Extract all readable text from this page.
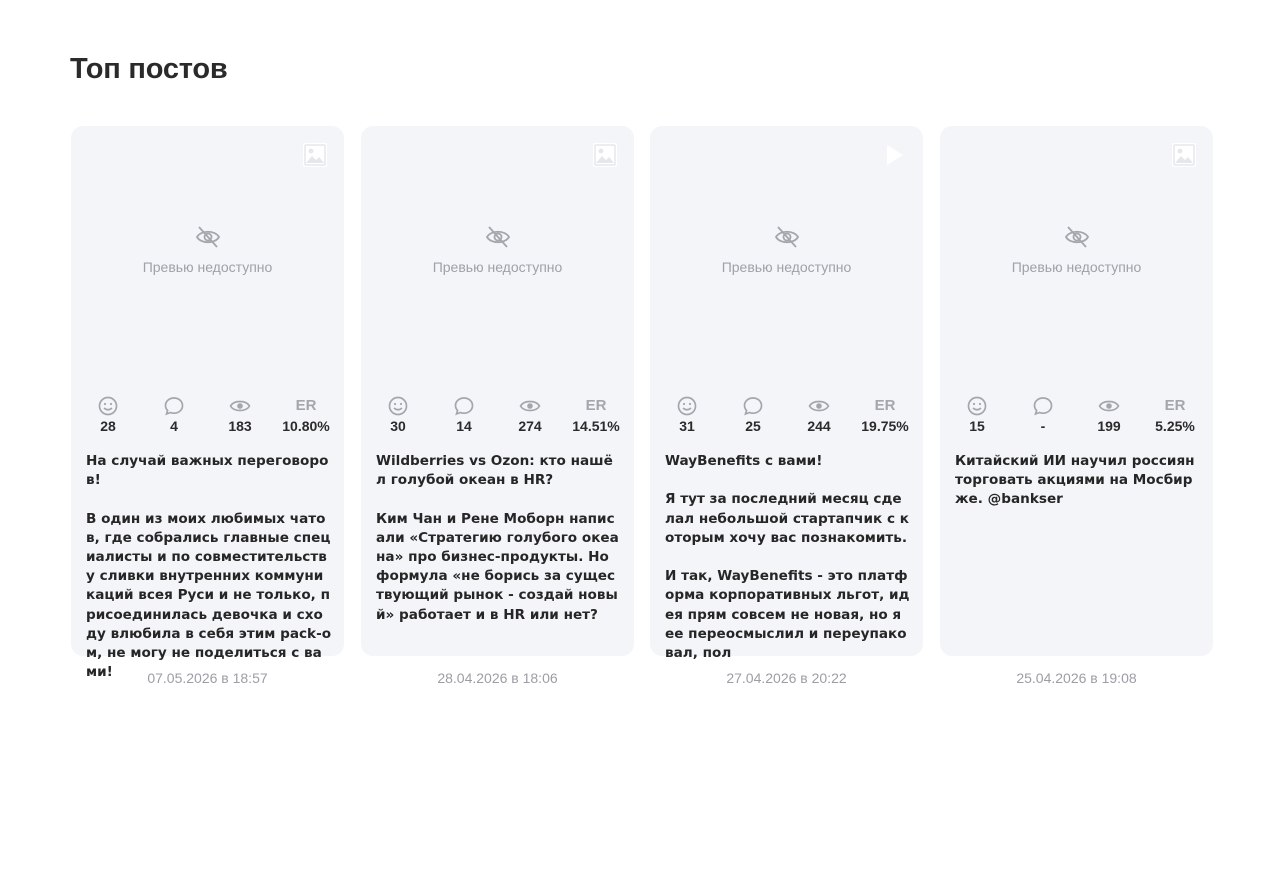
Топ постов
Превью недоступно
28	4	183
ER
10.80%
На случай важных переговоров!

В один из моих любимых чатов, где собрались главные специалисты и по совместительству сливки внутренних коммуникаций всея Руси и не только, присоединилась девочка и сходу влюбила в себя этим pack-ом, не могу не поделиться с вами!	07.05.2026 в 18:57
Превью недоступно
30	14	274
ER
14.51%
Wildberries vs Ozon: кто нашёл голубой океан в HR?

Ким Чан и Рене Моборн написали «Стратегию голубого океана» про бизнес-продукты. Но формула «не борись за существующий рынок - создай новый» работает и в HR или нет?
28.04.2026 в 18:06
Превью недоступно
31	25	244
ER
19.75%
WayBenefits с вами!

Я тут за последний месяц сделал небольшой стартапчик с которым хочу вас познакомить.

И так, WayBenefits - это платформа корпоративных льгот, идея прям совсем не новая, но я ее переосмыслил и переупаковал, пол
27.04.2026 в 20:22
Превью недоступно
15	-	199
ER
5.25%
Китайский ИИ научил россиян торговать акциями на Мосбирже. @bankser
25.04.2026 в 19:08
